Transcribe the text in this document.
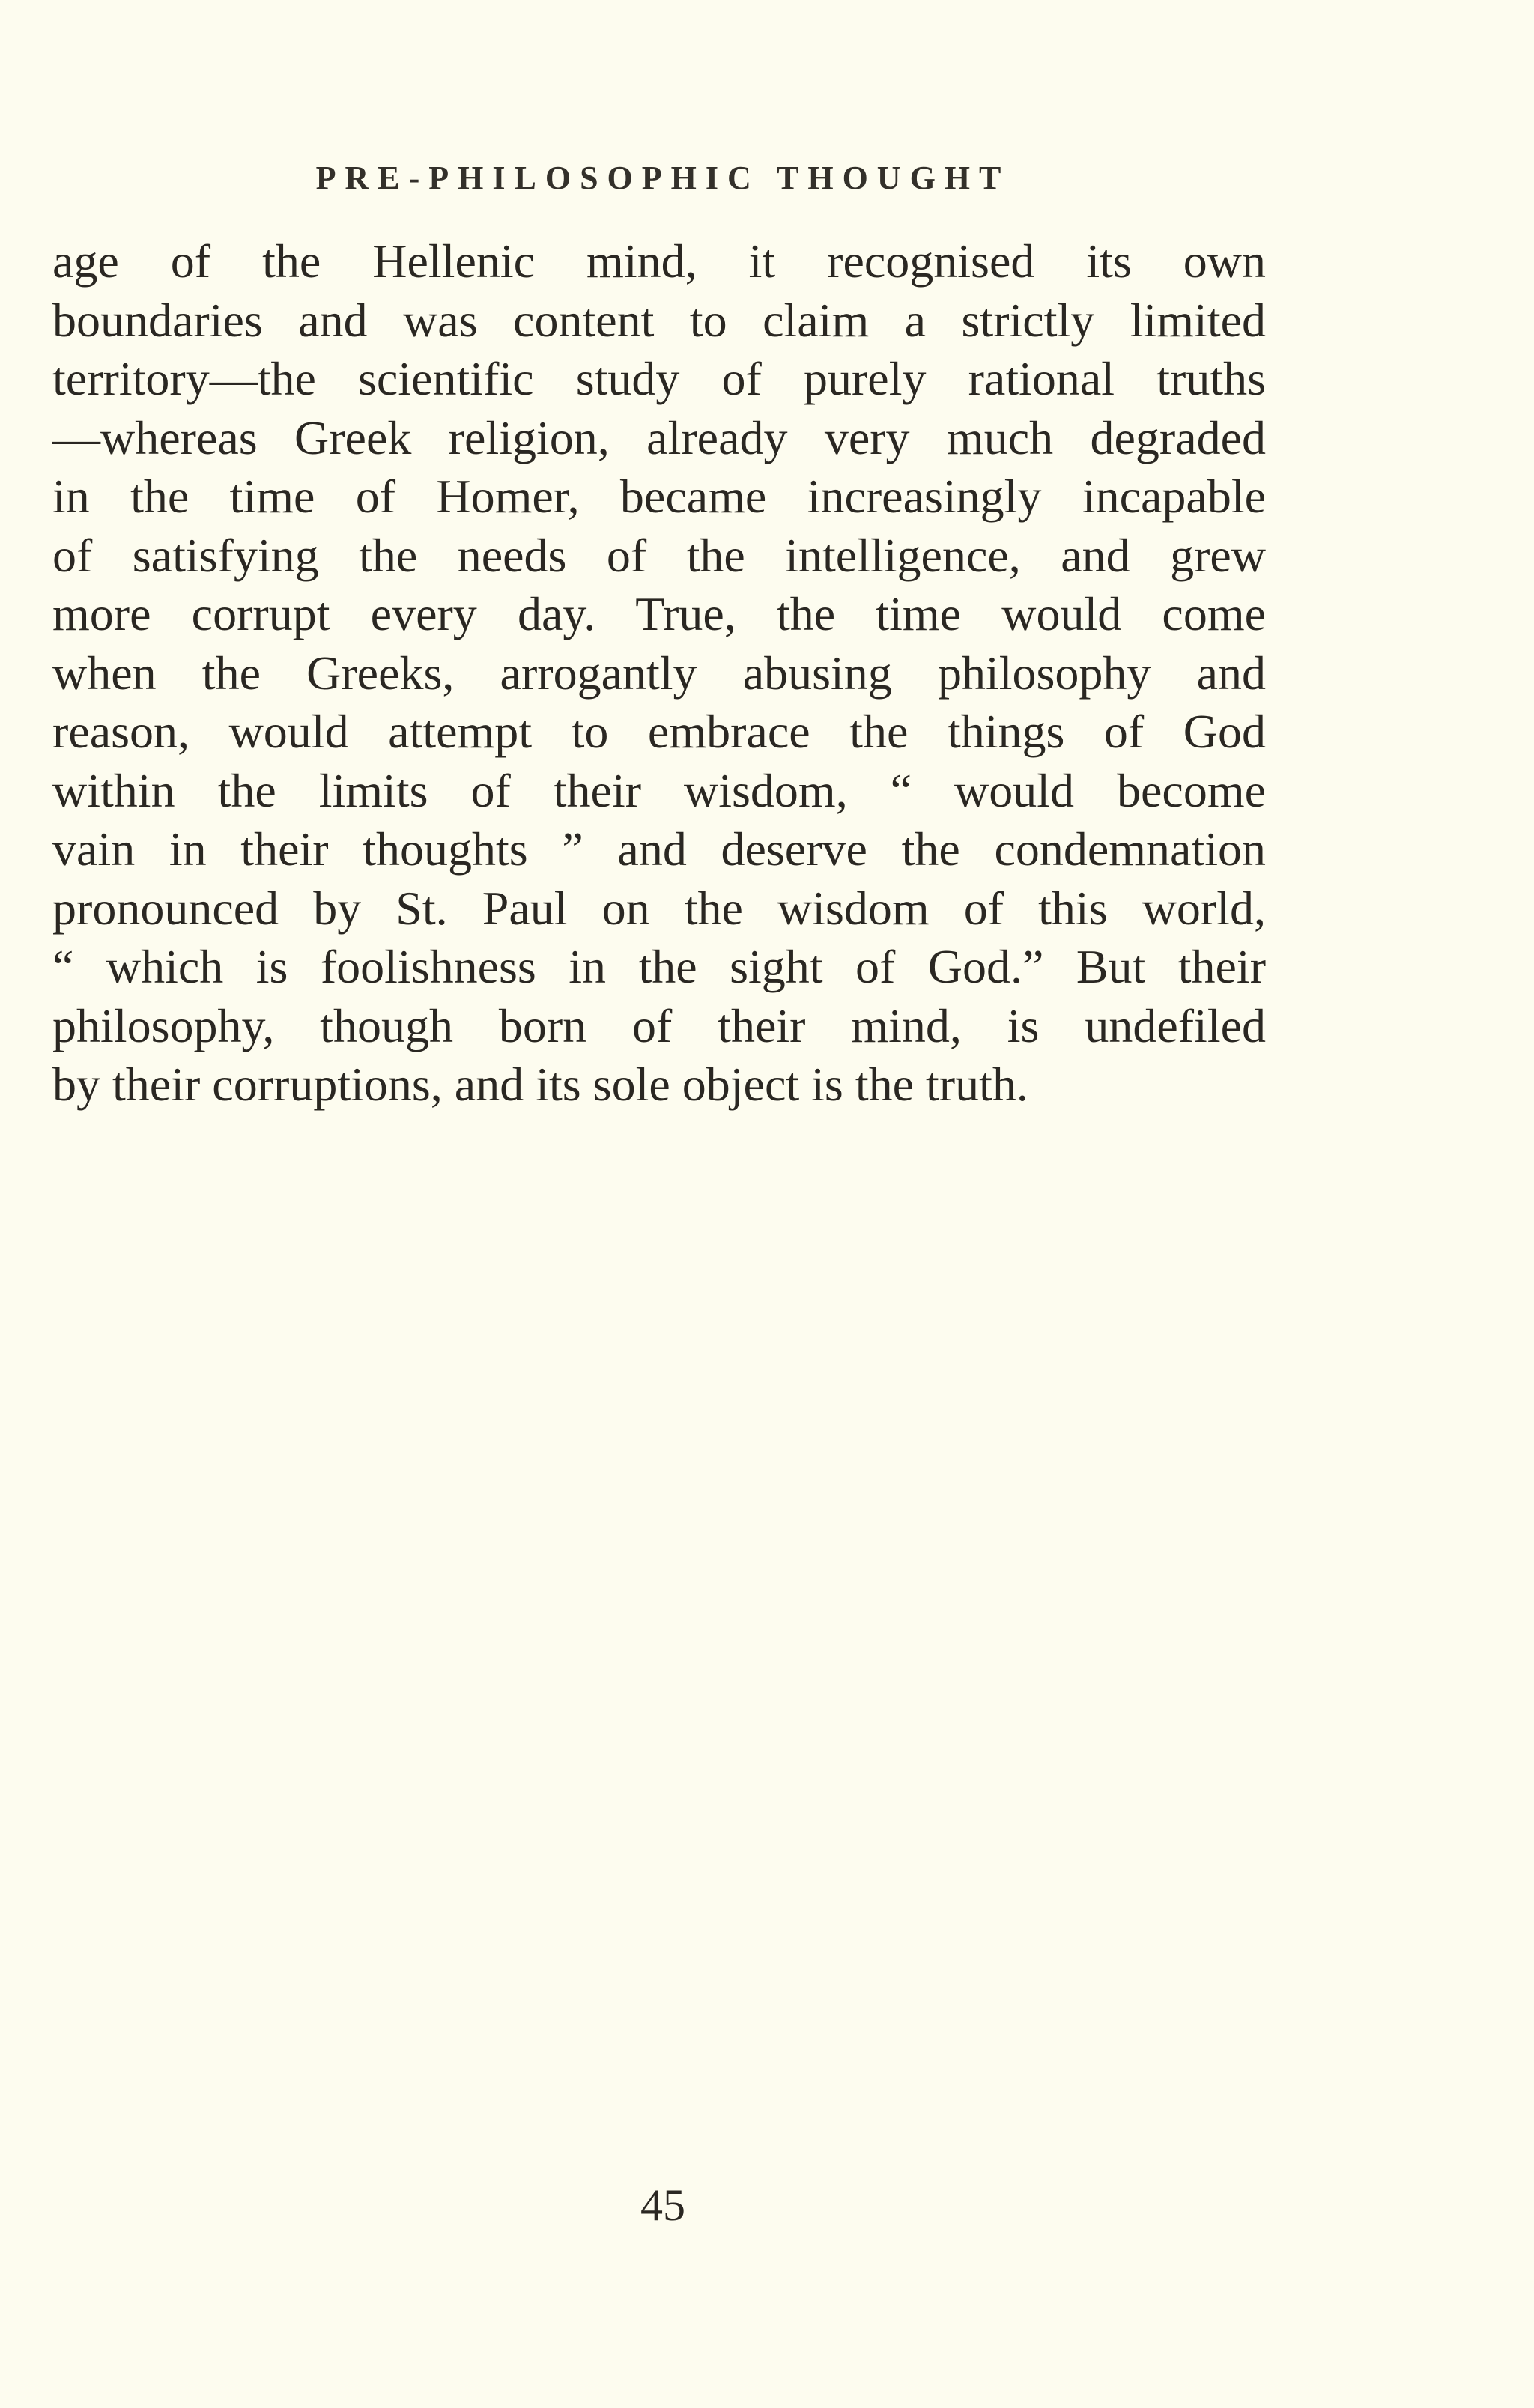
PRE-PHILOSOPHIC THOUGHT
age of the Hellenic mind, it recognised its own
boundaries and was content to claim a strictly limited
territory—the scientific study of purely rational truths
—whereas Greek religion, already very much degraded
in the time of Homer, became increasingly incapable
of satisfying the needs of the intelligence, and grew
more corrupt every day. True, the time would come
when the Greeks, arrogantly abusing philosophy and
reason, would attempt to embrace the things of God
within the limits of their wisdom, “ would become
vain in their thoughts ” and deserve the condemnation
pronounced by St. Paul on the wisdom of this world,
“ which is foolishness in the sight of God.” But their
philosophy, though born of their mind, is undefiled
by their corruptions, and its sole object is the truth.
45
